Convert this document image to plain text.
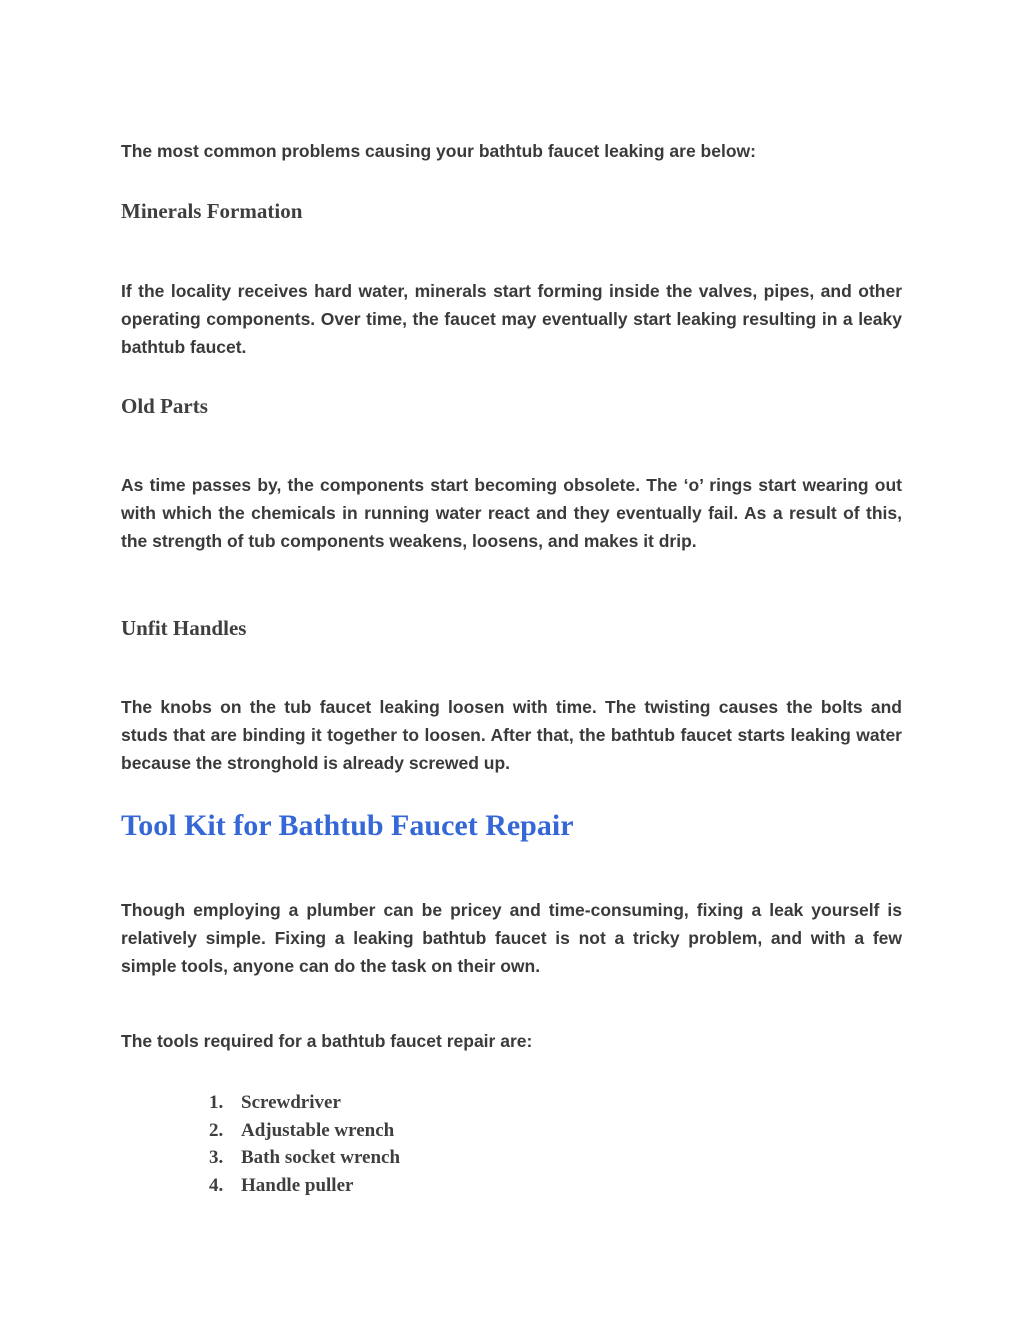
The most common problems causing your bathtub faucet leaking are below:

Minerals Formation

If the locality receives hard water, minerals start forming inside the valves, pipes, and other operating components. Over time, the faucet may eventually start leaking resulting in a leaky bathtub faucet.

Old Parts

As time passes by, the components start becoming obsolete. The ‘o’ rings start wearing out with which the chemicals in running water react and they eventually fail. As a result of this, the strength of tub components weakens, loosens, and makes it drip.

Unfit Handles

The knobs on the tub faucet leaking loosen with time. The twisting causes the bolts and studs that are binding it together to loosen. After that, the bathtub faucet starts leaking water because the stronghold is already screwed up.

Tool Kit for Bathtub Faucet Repair

Though employing a plumber can be pricey and time-consuming, fixing a leak yourself is relatively simple. Fixing a leaking bathtub faucet is not a tricky problem, and with a few simple tools, anyone can do the task on their own.

The tools required for a bathtub faucet repair are:

1. Screwdriver
2. Adjustable wrench
3. Bath socket wrench
4. Handle puller
